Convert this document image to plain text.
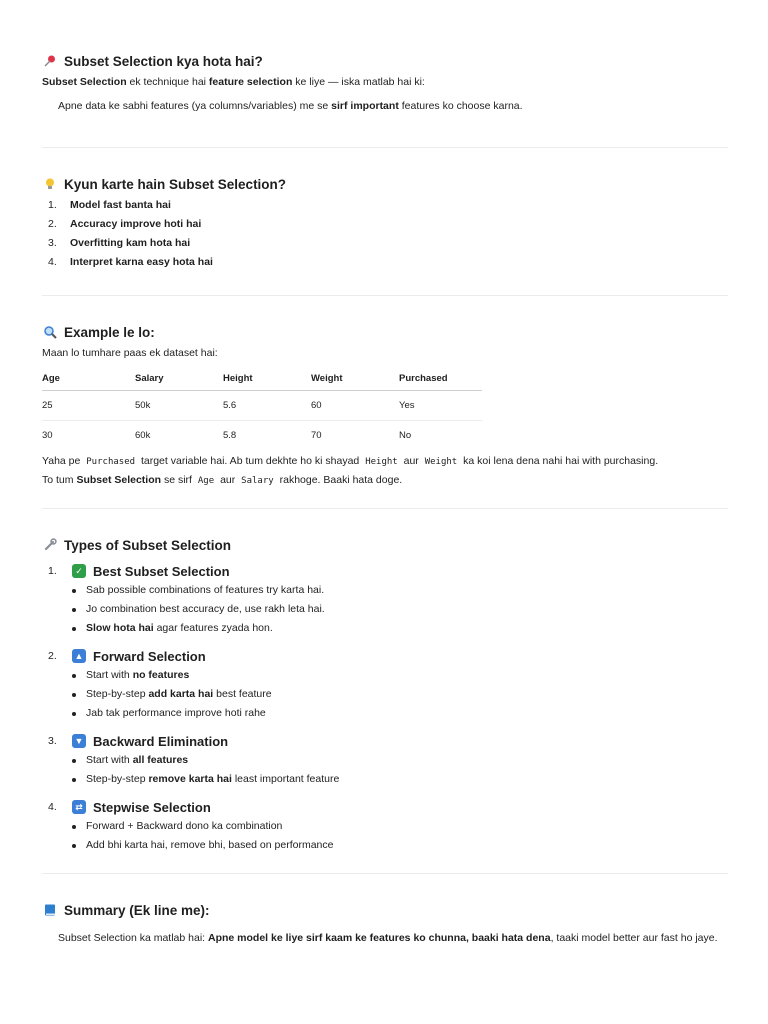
Subset Selection kya hota hai?

Subset Selection ek technique hai feature selection ke liye — iska matlab hai ki:

Apne data ke sabhi features (ya columns/variables) me se sirf important features ko choose karna.

Kyun karte hain Subset Selection?
1.	Model fast banta hai
2.	Accuracy improve hoti hai
3.	Overfitting kam hota hai
4.	Interpret karna easy hota hai
Example le lo:

Maan lo tumhare paas ek dataset hai:

Age	Salary	Height	Weight	Purchased
25	50k	5.6	60	Yes
30	60k	5.8	70	No

Yaha pe Purchased target variable hai. Ab tum dekhte ho ki shayad Height aur Weight ka koi lena dena nahi hai with purchasing.

To tum Subset Selection se sirf Age aur Salary rakhoge. Baaki hata doge.

Types of Subset Selection
1.	✓ Best Subset Selection
Sab possible combinations of features try karta hai.
Jo combination best accuracy de, use rakh leta hai.
Slow hota hai agar features zyada hon.
2.	▲ Forward Selection
Start with no features
Step-by-step add karta hai best feature
Jab tak performance improve hoti rahe
3.	▼ Backward Elimination
Start with all features
Step-by-step remove karta hai least important feature
4.	⇄ Stepwise Selection
Forward + Backward dono ka combination
Add bhi karta hai, remove bhi, based on performance
Summary (Ek line me):

Subset Selection ka matlab hai: Apne model ke liye sirf kaam ke features ko chunna, baaki hata dena, taaki model better aur fast ho jaye.
